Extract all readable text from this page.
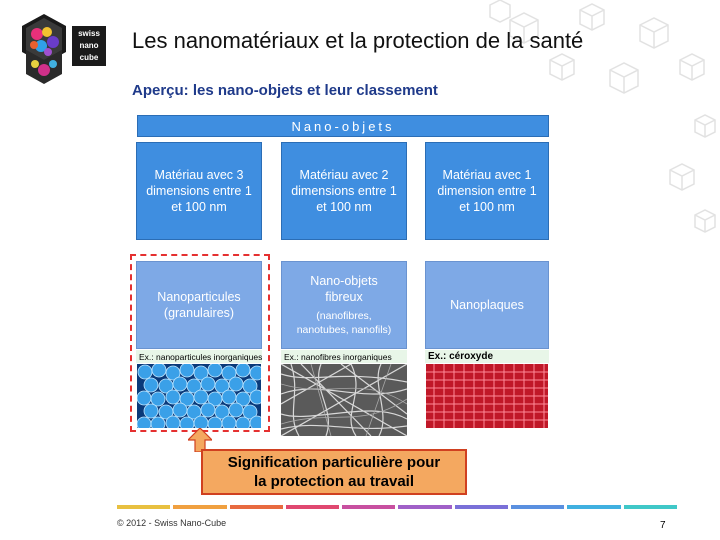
swiss
nano
cube
Les nanomatériaux et la protection de la santé
Aperçu: les nano-objets et leur classement
Nano-objets
Matériau avec 3
dimensions entre 1
et 100 nm
Matériau avec 2
dimensions entre 1
et 100 nm
Matériau avec 1
dimension entre 1
et 100 nm
Nanoparticules
(granulaires)
Nano-objets
fibreux
(nanofibres,
nanotubes, nanofils)
Nanoplaques
Ex.: nanoparticules inorganiques	Ex.: nanofibres inorganiques	Ex.: céroxyde
Signification particulière pour
la protection au travail
© 2012 - Swiss Nano-Cube	7
